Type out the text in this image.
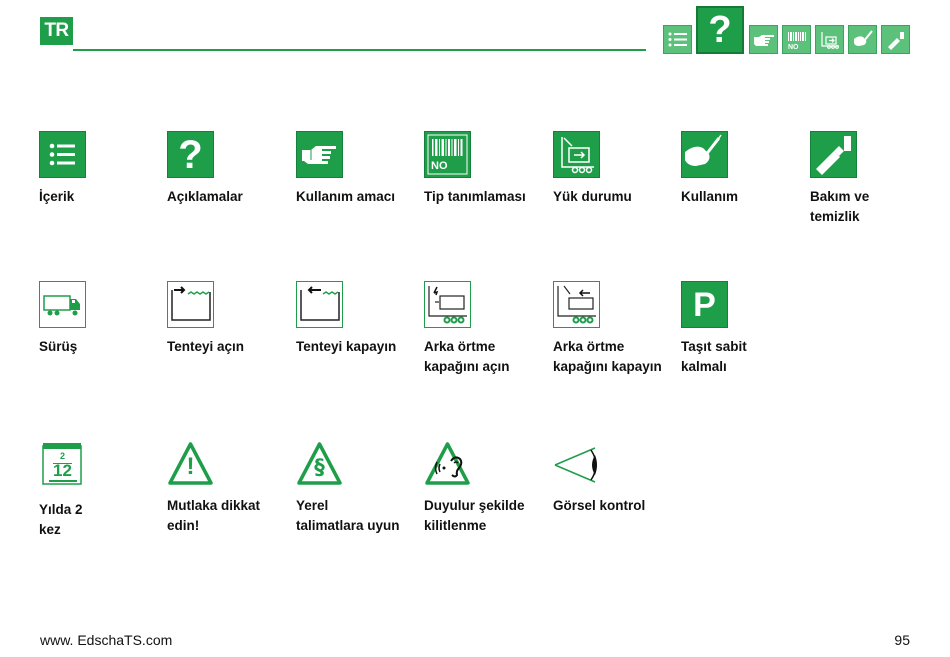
TR	?	NO
İçerik
?
Açıklamalar	Kullanım amacı
NO
Tip tanımlaması	Yük durumu	Kullanım	Bakım ve
temizlik
Sürüş	Tenteyi açın	Tenteyi kapayın	Arka örtme
kapağını açın
Arka örtme
kapağını kapayın
P
Taşıt sabit
kalmalı
2
12
Yılda 2
kez
!
Mutlaka dikkat
edin!
§
Yerel
talimatlara uyun
Duyulur şekilde
kilitlenme
Görsel kontrol
www. EdschaTS.com	95
